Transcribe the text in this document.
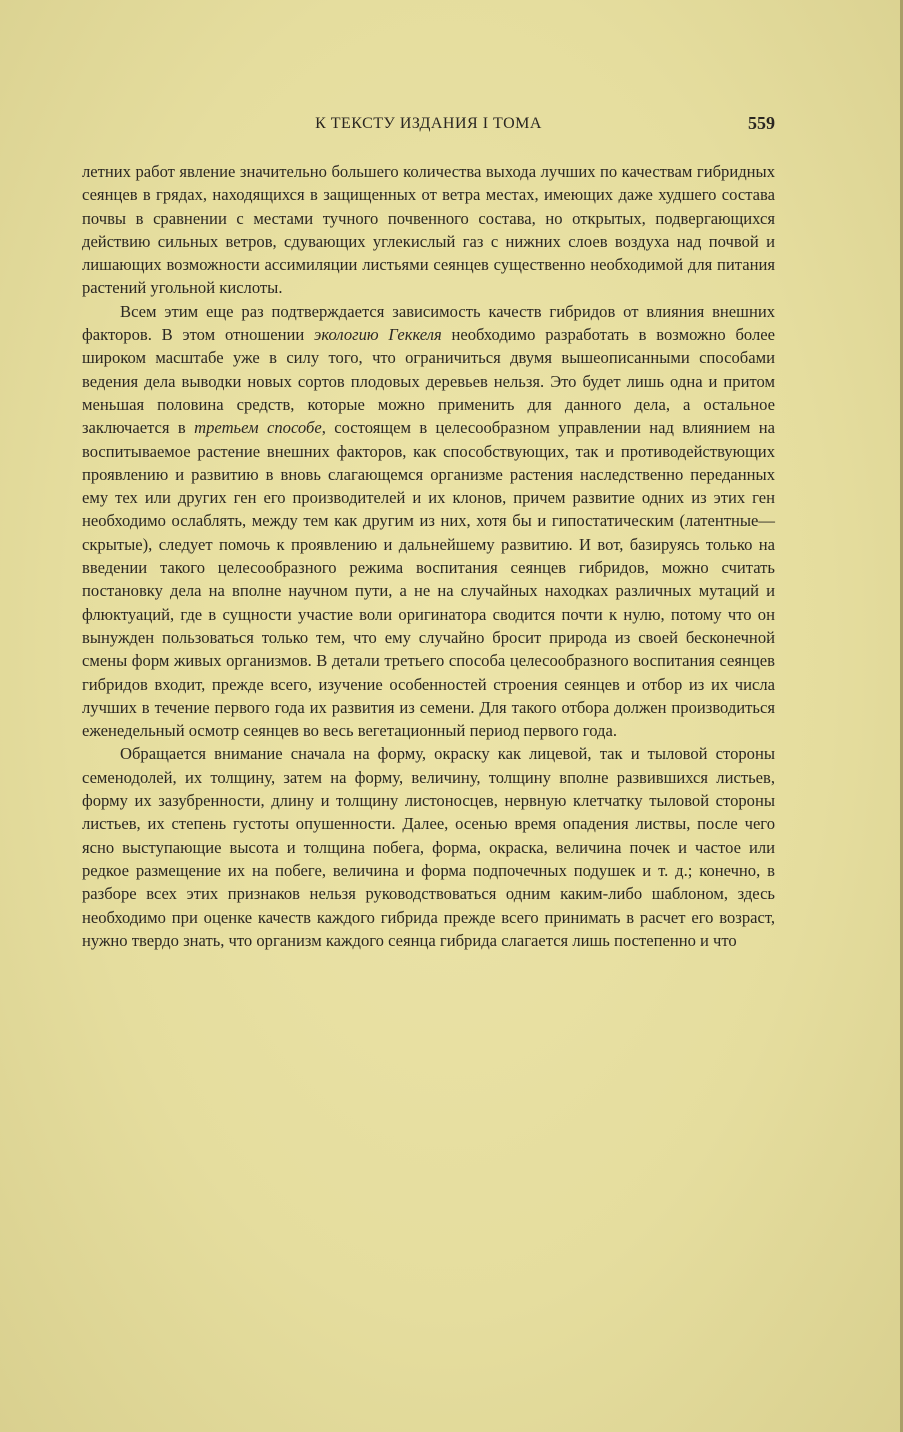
К ТЕКСТУ ИЗДАНИЯ I ТОМА	559

летних работ явление значительно большего количества выхода лучших по качествам гибридных сеянцев в грядах, находящихся в защищенных от ветра местах, имеющих даже худшего состава почвы в сравнении с местами тучного почвенного состава, но открытых, подвергающихся действию сильных ветров, сдувающих углекислый газ с нижних слоев воздуха над почвой и лишающих возможности ассимиляции листьями сеянцев существенно необходимой для питания растений угольной кислоты.

Всем этим еще раз подтверждается зависимость качеств гибридов от влияния внешних факторов. В этом отношении экологию Геккеля необходимо разработать в возможно более широком масштабе уже в силу того, что ограничиться двумя вышеописанными способами ведения дела выводки новых сортов плодовых деревьев нельзя. Это будет лишь одна и притом меньшая половина средств, которые можно применить для данного дела, а остальное заключается в третьем способе, состоящем в целесообразном управлении над влиянием на воспитываемое растение внешних факторов, как способствующих, так и противодействующих проявлению и развитию в вновь слагающемся организме растения наследственно переданных ему тех или других ген его производителей и их клонов, причем развитие одних из этих ген необходимо ослаблять, между тем как другим из них, хотя бы и гипостатическим (латентные—скрытые), следует помочь к проявлению и дальнейшему развитию. И вот, базируясь только на введении такого целесообразного режима воспитания сеянцев гибридов, можно считать постановку дела на вполне научном пути, а не на случайных находках различных мутаций и флюктуаций, где в сущности участие воли оригинатора сводится почти к нулю, потому что он вынужден пользоваться только тем, что ему случайно бросит природа из своей бесконечной смены форм живых организмов. В детали третьего способа целесообразного воспитания сеянцев гибридов входит, прежде всего, изучение особенностей строения сеянцев и отбор из их числа лучших в течение первого года их развития из семени. Для такого отбора должен производиться еженедельный осмотр сеянцев во весь вегетационный период первого года.

Обращается внимание сначала на форму, окраску как лицевой, так и тыловой стороны семенодолей, их толщину, затем на форму, величину, толщину вполне развившихся листьев, форму их зазубренности, длину и толщину листоносцев, нервную клетчатку тыловой стороны листьев, их степень густоты опушенности. Далее, осенью время опадения листвы, после чего ясно выступающие высота и толщина побега, форма, окраска, величина почек и частое или редкое размещение их на побеге, величина и форма подпочечных подушек и т. д.; конечно, в разборе всех этих признаков нельзя руководствоваться одним каким-либо шаблоном, здесь необходимо при оценке качеств каждого гибрида прежде всего принимать в расчет его возраст, нужно твердо знать, что организм каждого сеянца гибрида слагается лишь постепенно и что
